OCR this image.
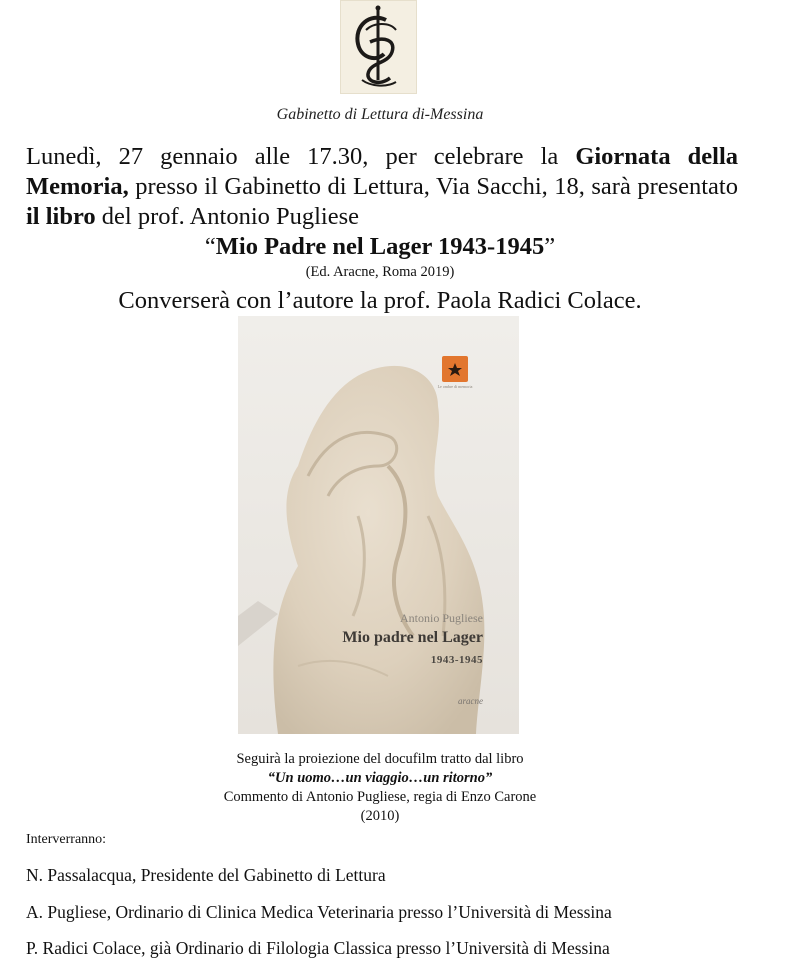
Gabinetto di Lettura di-Messina
Lunedì, 27 gennaio alle 17.30, per celebrare la Giornata della Memoria, presso il Gabinetto di Lettura, Via Sacchi, 18, sarà presentato il libro del prof. Antonio Pugliese
“Mio Padre nel Lager 1943-1945”
(Ed. Aracne, Roma 2019)
Converserà con l’autore la prof. Paola Radici Colace.
Le ombre di memoria
Antonio Pugliese
Mio padre nel Lager
1943-1945
aracne
Seguirà la proiezione del docufilm tratto dal libro
“Un uomo…un viaggio…un ritorno”
Commento di Antonio Pugliese, regia di Enzo Carone
(2010)
Interverranno:
N. Passalacqua, Presidente del Gabinetto di Lettura
A. Pugliese, Ordinario di Clinica Medica Veterinaria presso l’Università di Messina
P. Radici Colace, già Ordinario di Filologia Classica presso l’Università di Messina
